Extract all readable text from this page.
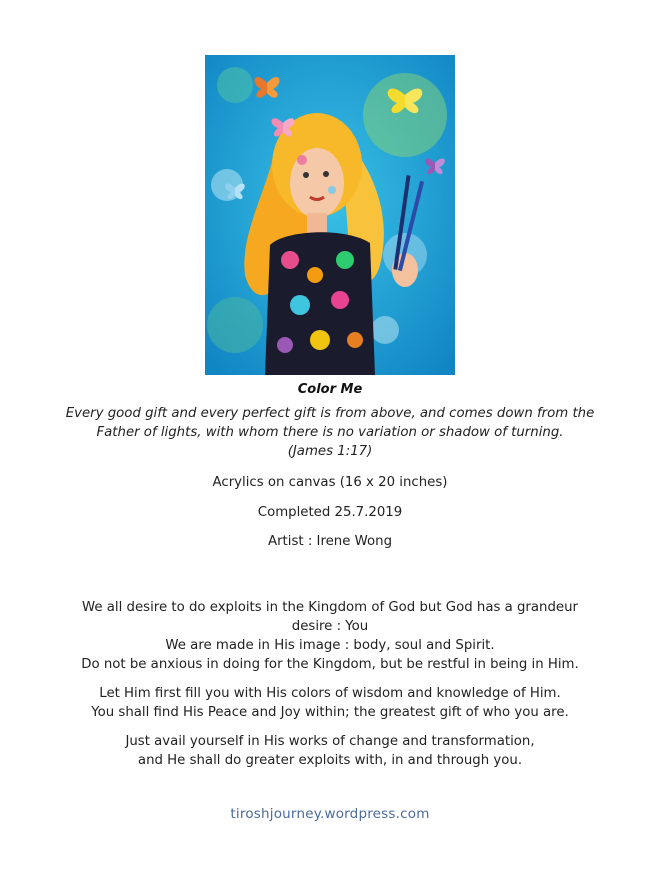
Color Me
Every good gift and every perfect gift is from above, and comes down from the
Father of lights, with whom there is no variation or shadow of turning.
(James 1:17)
Acrylics on canvas (16 x 20 inches)
Completed 25.7.2019
Artist : Irene Wong
We all desire to do exploits in the Kingdom of God but God has a grandeur
desire : You
We are made in His image : body, soul and Spirit.
Do not be anxious in doing for the Kingdom, but be restful in being in Him.
Let Him first fill you with His colors of wisdom and knowledge of Him.
You shall find His Peace and Joy within; the greatest gift of who you are.
Just avail yourself in His works of change and transformation,
and He shall do greater exploits with, in and through you.
tiroshjourney.wordpress.com
